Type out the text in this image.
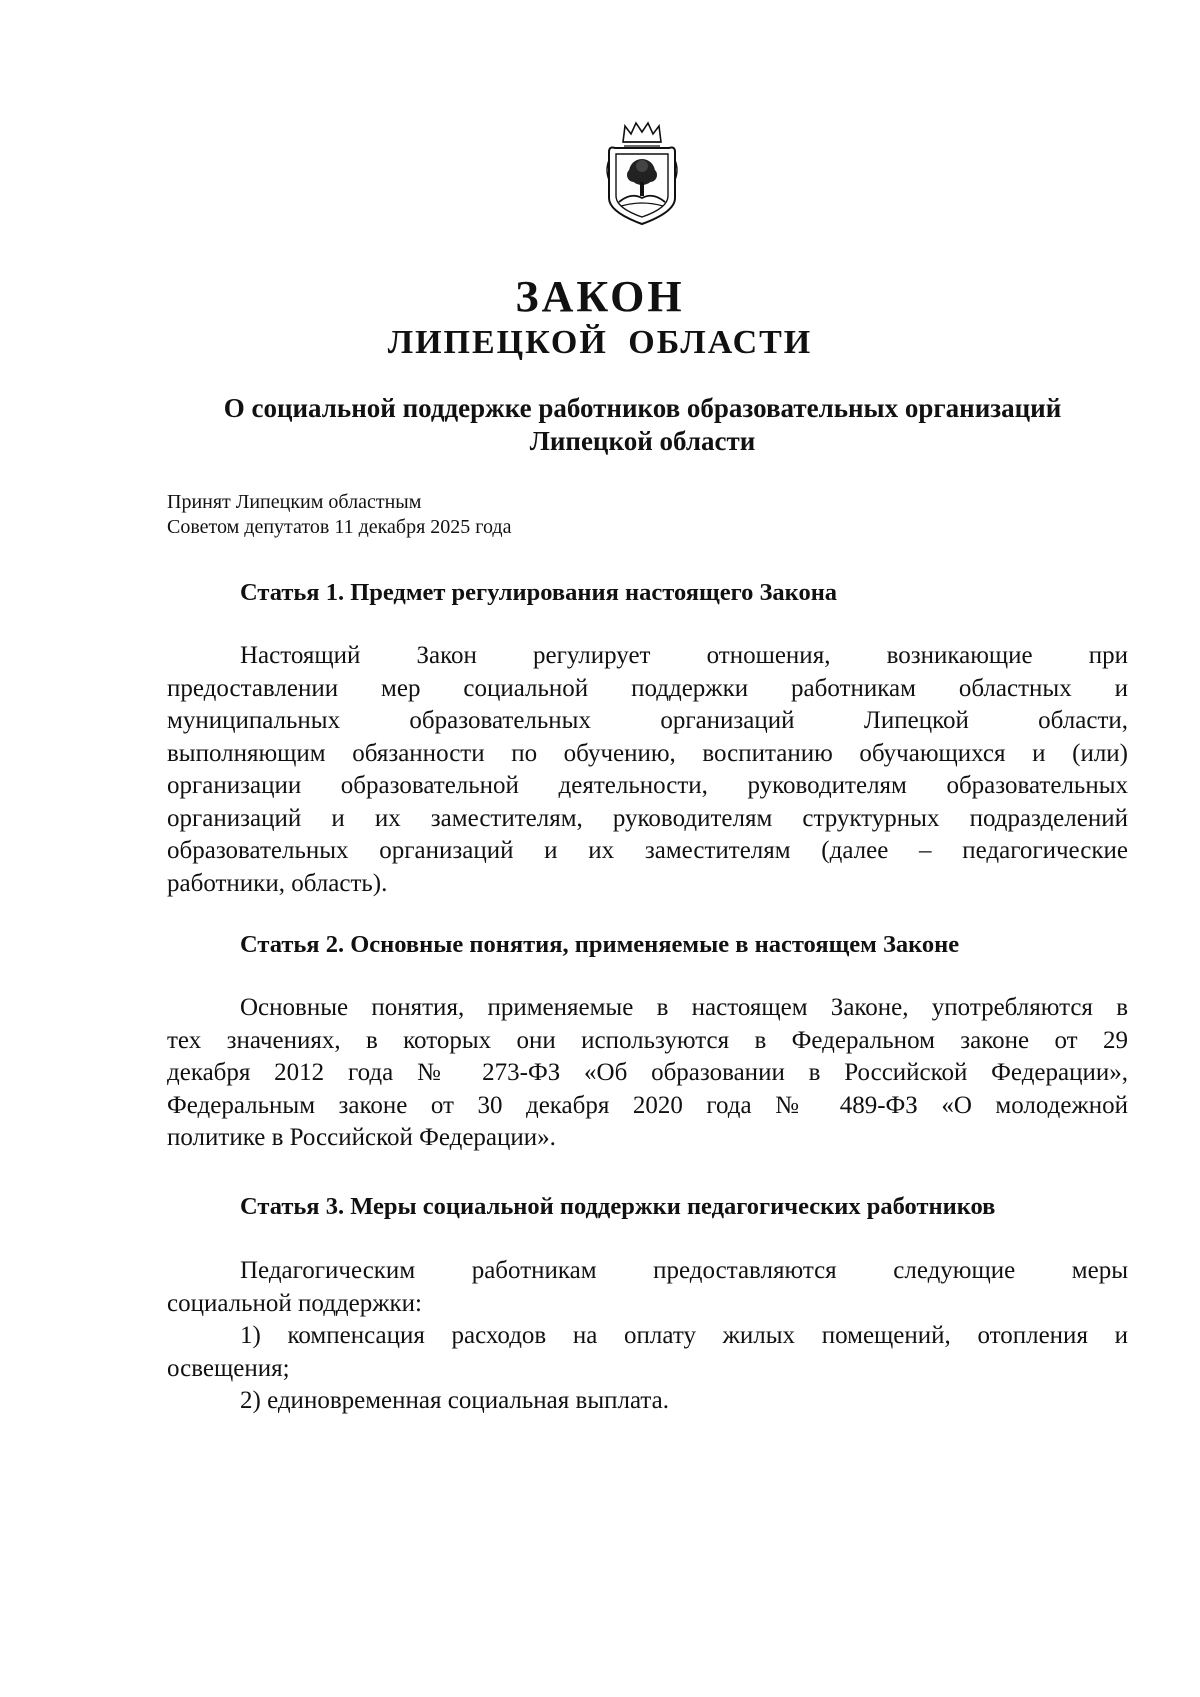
ЗАКОН
ЛИПЕЦКОЙ ОБЛАСТИ
О социальной поддержке работников образовательных организаций
Липецкой области
Принят Липецким областным
Советом депутатов 11 декабря 2025 года
Статья 1. Предмет регулирования настоящего Закона
Настоящий Закон регулирует отношения, возникающие при
предоставлении мер социальной поддержки работникам областных и
муниципальных образовательных организаций Липецкой области,
выполняющим обязанности по обучению, воспитанию обучающихся и (или)
организации образовательной деятельности, руководителям образовательных
организаций и их заместителям, руководителям структурных подразделений
образовательных организаций и их заместителям (далее – педагогические
работники, область).
Статья 2. Основные понятия, применяемые в настоящем Законе
Основные понятия, применяемые в настоящем Законе, употребляются в
тех значениях, в которых они используются в Федеральном законе от 29
декабря 2012 года № 273-ФЗ «Об образовании в Российской Федерации»,
Федеральным законе от 30 декабря 2020 года № 489-ФЗ «О молодежной
политике в Российской Федерации».
Статья 3. Меры социальной поддержки педагогических работников
Педагогическим работникам предоставляются следующие меры
социальной поддержки:
1) компенсация расходов на оплату жилых помещений, отопления и
освещения;
2) единовременная социальная выплата.
